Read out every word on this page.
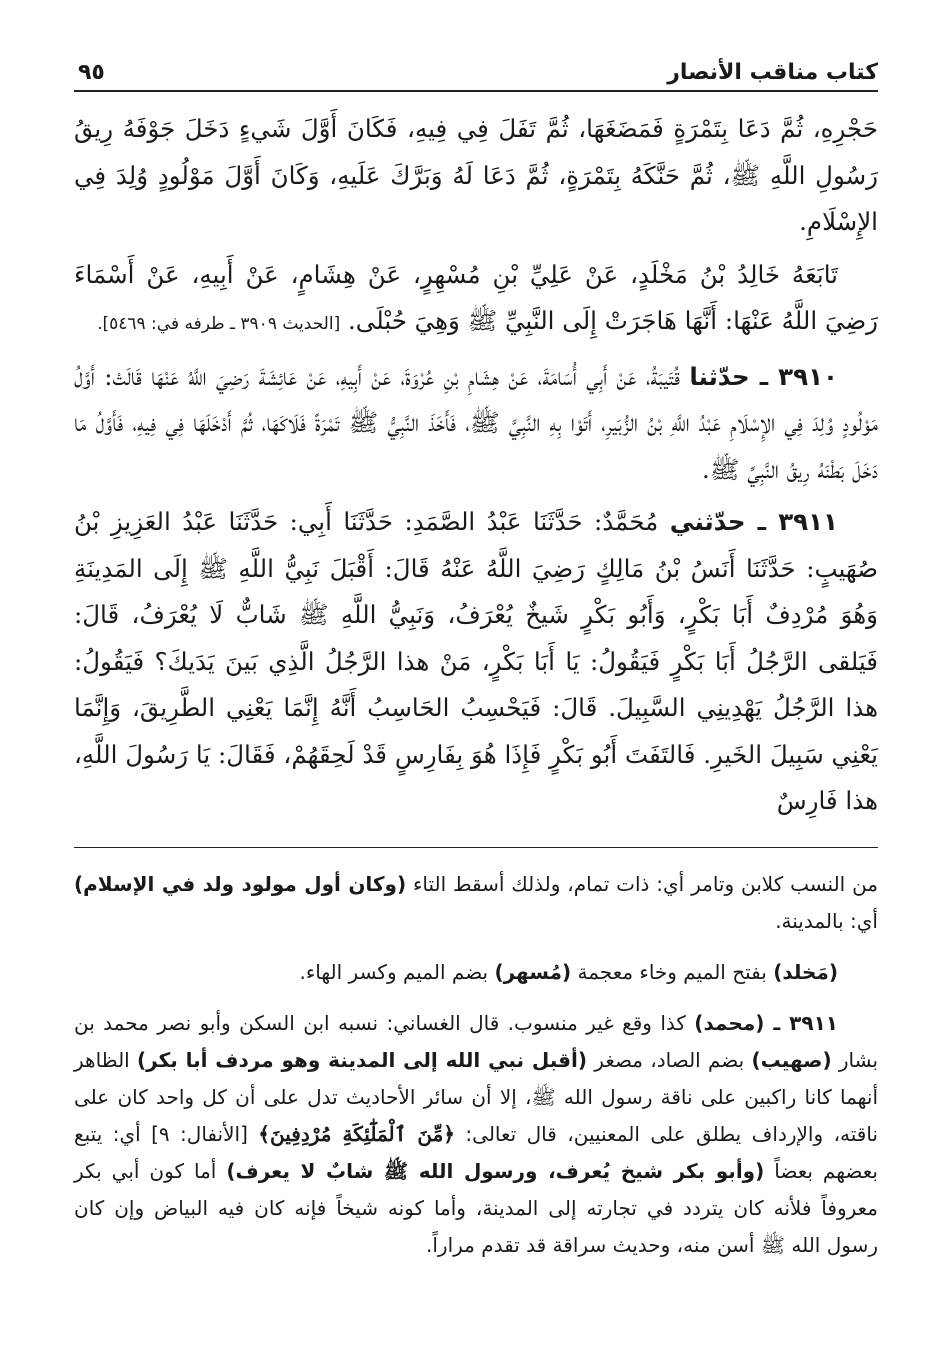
كتاب مناقب الأنصار
٩٥

حَجْرِهِ، ثُمَّ دَعَا بِتَمْرَةٍ فَمَضَغَهَا، ثُمَّ تَفَلَ فِي فِيهِ، فَكَانَ أَوَّلَ شَيءٍ دَخَلَ جَوْفَهُ رِيقُ رَسُولِ اللَّهِ ﷺ، ثُمَّ حَنَّكَهُ بِتَمْرَةٍ، ثُمَّ دَعَا لَهُ وَبَرَّكَ عَلَيهِ، وَكَانَ أَوَّلَ مَوْلُودٍ وُلِدَ فِي الإِسْلَامِ.

تَابَعَهُ خَالِدُ بْنُ مَخْلَدٍ، عَنْ عَلِيِّ بْنِ مُسْهِرٍ، عَنْ هِشَامٍ، عَنْ أَبِيهِ، عَنْ أَسْمَاءَ رَضِيَ اللَّهُ عَنْهَا: أَنَّهَا هَاجَرَتْ إِلَى النَّبِيِّ ﷺ وَهِيَ حُبْلَى. [الحديث ٣٩٠٩ ـ طرفه في: ٥٤٦٩].

٣٩١٠ ـ حدّثنا قُتَيبَةُ، عَنْ أَبِي أُسَامَةَ، عَنْ هِشَامِ بْنِ عُرْوَةَ، عَنْ أَبِيهِ، عَنْ عَائِشَةَ رَضِيَ اللَّهُ عَنْهَا قَالَتْ: أَوَّلُ مَوْلُودٍ وُلِدَ فِي الإِسْلَامِ عَبْدُ اللَّهِ بْنُ الزُّبَيرِ، أَتَوْا بِهِ النَّبِيَّ ﷺ، فَأَخَذَ النَّبِيُّ ﷺ تَمْرَةً فَلَاكَهَا، ثُمَّ أَدْخَلَهَا فِي فِيهِ، فَأَوَّلُ مَا دَخَلَ بَطْنَهُ رِيقُ النَّبِيِّ ﷺ.

٣٩١١ ـ حدّثني مُحَمَّدٌ: حَدَّثَنَا عَبْدُ الصَّمَدِ: حَدَّثَنَا أَبِي: حَدَّثَنَا عَبْدُ العَزِيزِ بْنُ صُهَيبٍ: حَدَّثَنَا أَنَسُ بْنُ مَالِكٍ رَضِيَ اللَّهُ عَنْهُ قَالَ: أَقْبَلَ نَبِيُّ اللَّهِ ﷺ إِلَى المَدِينَةِ وَهُوَ مُرْدِفٌ أَبَا بَكْرٍ، وَأَبُو بَكْرٍ شَيخٌ يُعْرَفُ، وَنَبِيُّ اللَّهِ ﷺ شَابٌّ لَا يُعْرَفُ، قَالَ: فَيَلقى الرَّجُلُ أَبَا بَكْرٍ فَيَقُولُ: يَا أَبَا بَكْرٍ، مَنْ هذا الرَّجُلُ الَّذِي بَينَ يَدَيكَ؟ فَيَقُولُ: هذا الرَّجُلُ يَهْدِينِي السَّبِيلَ. قَالَ: فَيَحْسِبُ الحَاسِبُ أَنَّهُ إِنَّمَا يَعْنِي الطَّرِيقَ، وَإِنَّمَا يَعْنِي سَبِيلَ الخَيرِ. فَالتَفَتَ أَبُو بَكْرٍ فَإِذَا هُوَ بِفَارِسٍ قَدْ لَحِقَهُمْ، فَقَالَ: يَا رَسُولَ اللَّهِ، هذا فَارِسٌ

من النسب كلابن وتامر أي: ذات تمام، ولذلك أسقط التاء (وكان أول مولود ولد في الإسلام) أي: بالمدينة.

(مَخلد) بفتح الميم وخاء معجمة (مُسهر) بضم الميم وكسر الهاء.

٣٩١١ ـ (محمد) كذا وقع غير منسوب. قال الغساني: نسبه ابن السكن وأبو نصر محمد بن بشار (صهيب) بضم الصاد، مصغر (أقبل نبي الله إلى المدينة وهو مردف أبا بكر) الظاهر أنهما كانا راكبين على ناقة رسول الله ﷺ، إلا أن سائر الأحاديث تدل على أن كل واحد كان على ناقته، والإرداف يطلق على المعنيين، قال تعالى: ﴿مِّنَ ٱلْمَلَٰٓئِكَةِ مُرْدِفِينَ﴾ [الأنفال: ٩] أي: يتبع بعضهم بعضاً (وأبو بكر شيخ يُعرف، ورسول الله ﷺ شابٌ لا يعرف) أما كون أبي بكر معروفاً فلأنه كان يتردد في تجارته إلى المدينة، وأما كونه شيخاً فإنه كان فيه البياض وإن كان رسول الله ﷺ أسن منه، وحديث سراقة قد تقدم مراراً.
